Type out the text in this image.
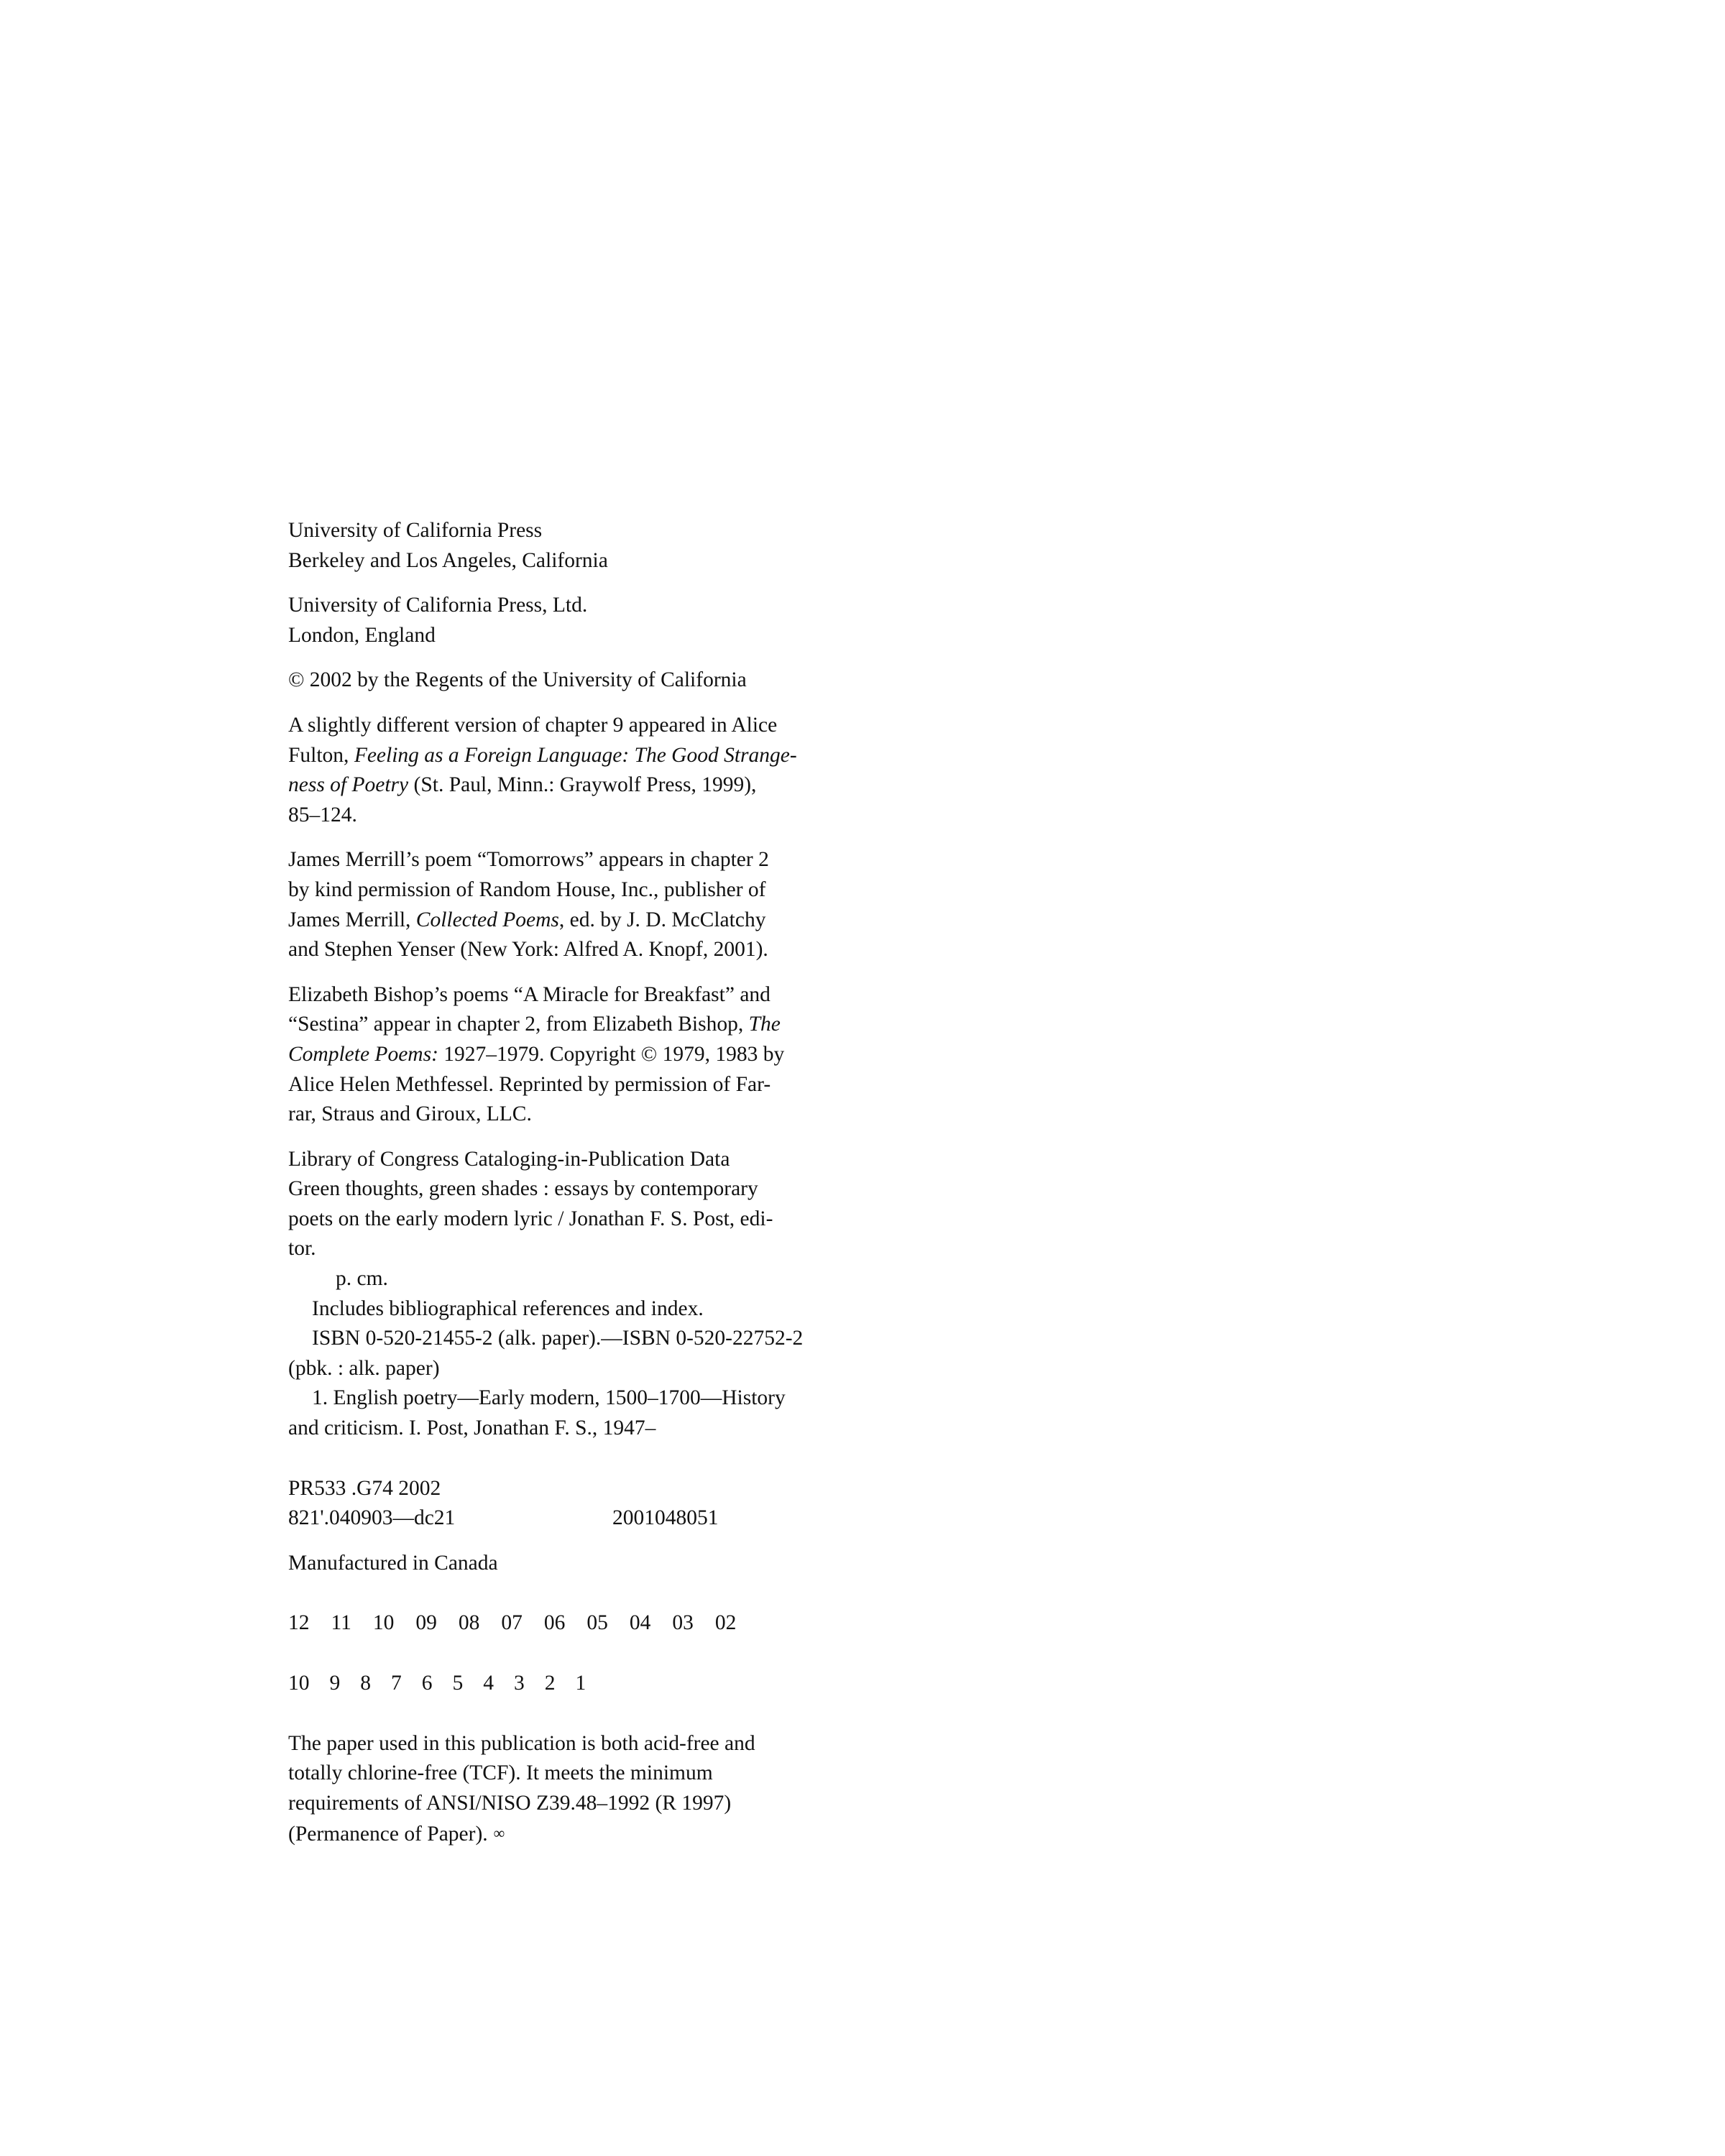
University of California Press
Berkeley and Los Angeles, California
University of California Press, Ltd.
London, England
© 2002 by the Regents of the University of California
A slightly different version of chapter 9 appeared in Alice
Fulton, Feeling as a Foreign Language: The Good Strange-
ness of Poetry (St. Paul, Minn.: Graywolf Press, 1999),
85–124.
James Merrill’s poem “Tomorrows” appears in chapter 2
by kind permission of Random House, Inc., publisher of
James Merrill, Collected Poems, ed. by J. D. McClatchy
and Stephen Yenser (New York: Alfred A. Knopf, 2001).
Elizabeth Bishop’s poems “A Miracle for Breakfast” and
“Sestina” appear in chapter 2, from Elizabeth Bishop, The
Complete Poems: 1927–1979. Copyright © 1979, 1983 by
Alice Helen Methfessel. Reprinted by permission of Far-
rar, Straus and Giroux, LLC.
Library of Congress Cataloging-in-Publication Data
Green thoughts, green shades : essays by contemporary
poets on the early modern lyric / Jonathan F. S. Post, edi-
tor.
p. cm.
Includes bibliographical references and index.
ISBN 0-520-21455-2 (alk. paper).—ISBN 0-520-22752-2
(pbk. : alk. paper)
1. English poetry—Early modern, 1500–1700—History
and criticism. I. Post, Jonathan F. S., 1947–
PR533 .G74 2002
821'.040903—dc21	2001048051
Manufactured in Canada
12 11 10 09 08 07 06 05 04 03 02
10 9 8 7 6 5 4 3 2 1
The paper used in this publication is both acid-free and
totally chlorine-free (TCF). It meets the minimum
requirements of ANSI/NISO Z39.48–1992 (R 1997)
(Permanence of Paper). ∞
